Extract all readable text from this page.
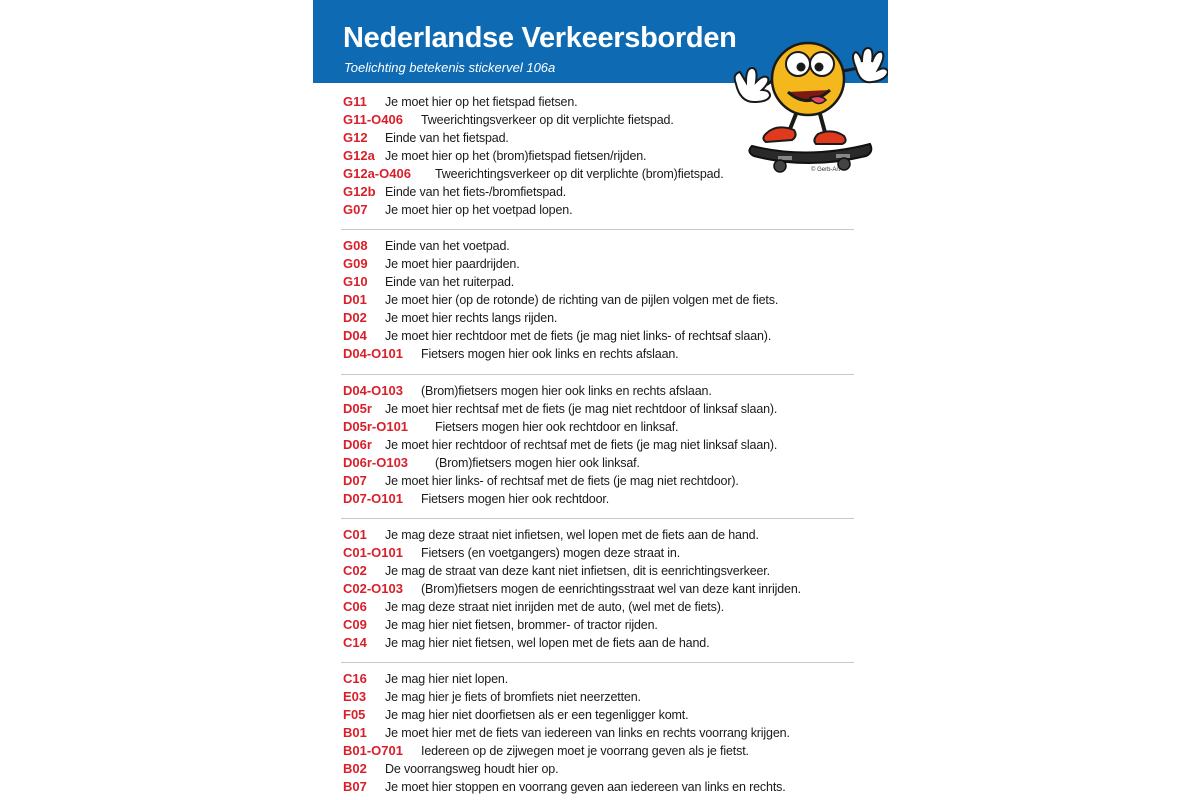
Nederlandse Verkeersborden
Toelichting betekenis stickervel 106a
© Gerb-Art
G11	Je moet hier op het fietspad fietsen.
G11-O406	Tweerichtingsverkeer op dit verplichte fietspad.
G12	Einde van het fietspad.
G12a Je moet hier op het (brom)fietspad fietsen/rijden.
G12a-O406	Tweerichtingsverkeer op dit verplichte (brom)fietspad.
G12b Einde van het fiets-/bromfietspad.
G07	Je moet hier op het voetpad lopen.
G08	Einde van het voetpad.
G09	Je moet hier paardrijden.
G10	Einde van het ruiterpad.
D01	Je moet hier (op de rotonde) de richting van de pijlen volgen met de fiets.
D02	Je moet hier rechts langs rijden.
D04	Je moet hier rechtdoor met de fiets (je mag niet links- of rechtsaf slaan).
D04-O101	Fietsers mogen hier ook links en rechts afslaan.
D04-O103	(Brom)fietsers mogen hier ook links en rechts afslaan.
D05r	Je moet hier rechtsaf met de fiets (je mag niet rechtdoor of linksaf slaan).
D05r-O101	Fietsers mogen hier ook rechtdoor en linksaf.
D06r	Je moet hier rechtdoor of rechtsaf met de fiets (je mag niet linksaf slaan).
D06r-O103	(Brom)fietsers mogen hier ook linksaf.
D07	Je moet hier links- of rechtsaf met de fiets (je mag niet rechtdoor).
D07-O101	Fietsers mogen hier ook rechtdoor.
C01	Je mag deze straat niet infietsen, wel lopen met de fiets aan de hand.
C01-O101	Fietsers (en voetgangers) mogen deze straat in.
C02	Je mag de straat van deze kant niet infietsen, dit is eenrichtingsverkeer.
C02-O103	(Brom)fietsers mogen de eenrichtingsstraat wel van deze kant inrijden.
C06	Je mag deze straat niet inrijden met de auto, (wel met de fiets).
C09	Je mag hier niet fietsen, brommer- of tractor rijden.
C14	Je mag hier niet fietsen, wel lopen met de fiets aan de hand.
C16	Je mag hier niet lopen.
E03	Je mag hier je fiets of bromfiets niet neerzetten.
F05	Je mag hier niet doorfietsen als er een tegenligger komt.
B01	Je moet hier met de fiets van iedereen van links en rechts voorrang krijgen.
B01-O701	Iedereen op de zijwegen moet je voorrang geven als je fietst.
B02	De voorrangsweg houdt hier op.
B07	Je moet hier stoppen en voorrang geven aan iedereen van links en rechts.
